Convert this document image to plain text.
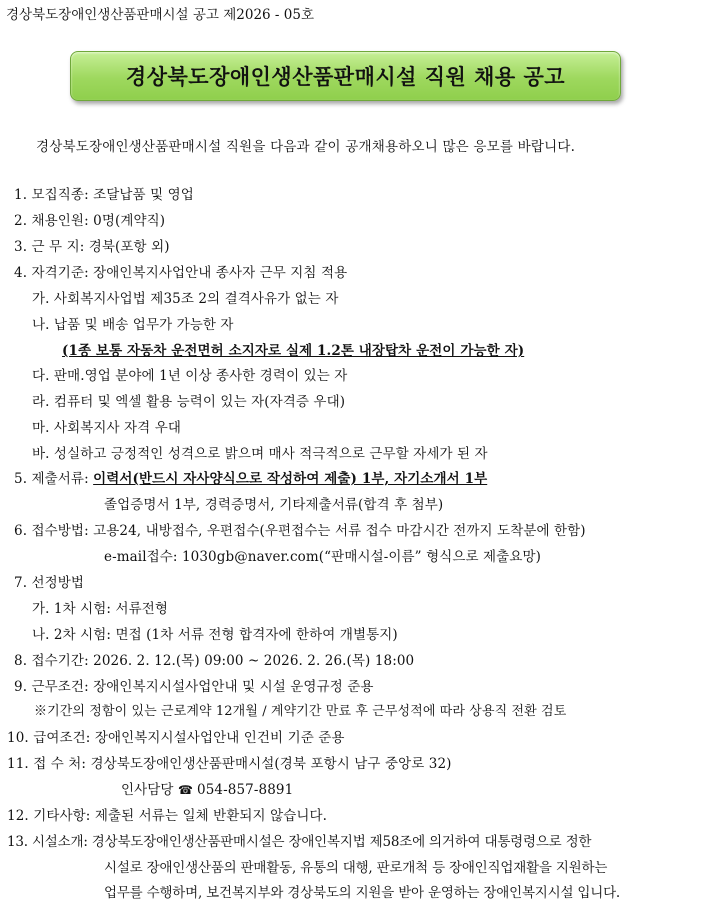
경상북도장애인생산품판매시설 공고 제2026 - 05호
경상북도장애인생산품판매시설 직원 채용 공고
경상북도장애인생산품판매시설 직원을 다음과 같이 공개채용하오니 많은 응모를 바랍니다.
1. 모집직종: 조달납품 및 영업
2. 채용인원: 0명(계약직)
3. 근 무 지: 경북(포항 외)
4. 자격기준: 장애인복지사업안내 종사자 근무 지침 적용
가. 사회복지사업법 제35조 2의 결격사유가 없는 자
나. 납품 및 배송 업무가 가능한 자
(1종 보통 자동차 운전면허 소지자로 실제 1.2톤 내장탑차 운전이 가능한 자)
다. 판매.영업 분야에 1년 이상 종사한 경력이 있는 자
라. 컴퓨터 및 엑셀 활용 능력이 있는 자(자격증 우대)
마. 사회복지사 자격 우대
바. 성실하고 긍정적인 성격으로 밝으며 매사 적극적으로 근무할 자세가 된 자
5. 제출서류: 이력서(반드시 자사양식으로 작성하여 제출) 1부, 자기소개서 1부
졸업증명서 1부, 경력증명서, 기타제출서류(합격 후 첨부)
6. 접수방법: 고용24, 내방접수, 우편접수(우편접수는 서류 접수 마감시간 전까지 도착분에 한함)
e-mail접수: 1030gb@naver.com(“판매시설-이름” 형식으로 제출요망)
7. 선정방법
가. 1차 시험: 서류전형
나. 2차 시험: 면접 (1차 서류 전형 합격자에 한하여 개별통지)
8. 접수기간: 2026. 2. 12.(목) 09:00 ~ 2026. 2. 26.(목) 18:00
9. 근무조건: 장애인복지시설사업안내 및 시설 운영규정 준용
※기간의 정함이 있는 근로계약 12개월 / 계약기간 만료 후 근무성적에 따라 상용직 전환 검토
10. 급여조건: 장애인복지시설사업안내 인건비 기준 준용
11. 접 수 처: 경상북도장애인생산품판매시설(경북 포항시 남구 중앙로 32)
인사담당 ☎ 054-857-8891
12. 기타사항: 제출된 서류는 일체 반환되지 않습니다.
13. 시설소개: 경상북도장애인생산품판매시설은 장애인복지법 제58조에 의거하여 대통령령으로 정한
시설로 장애인생산품의 판매활동, 유통의 대행, 판로개척 등 장애인직업재활을 지원하는
업무를 수행하며, 보건복지부와 경상북도의 지원을 받아 운영하는 장애인복지시설 입니다.
